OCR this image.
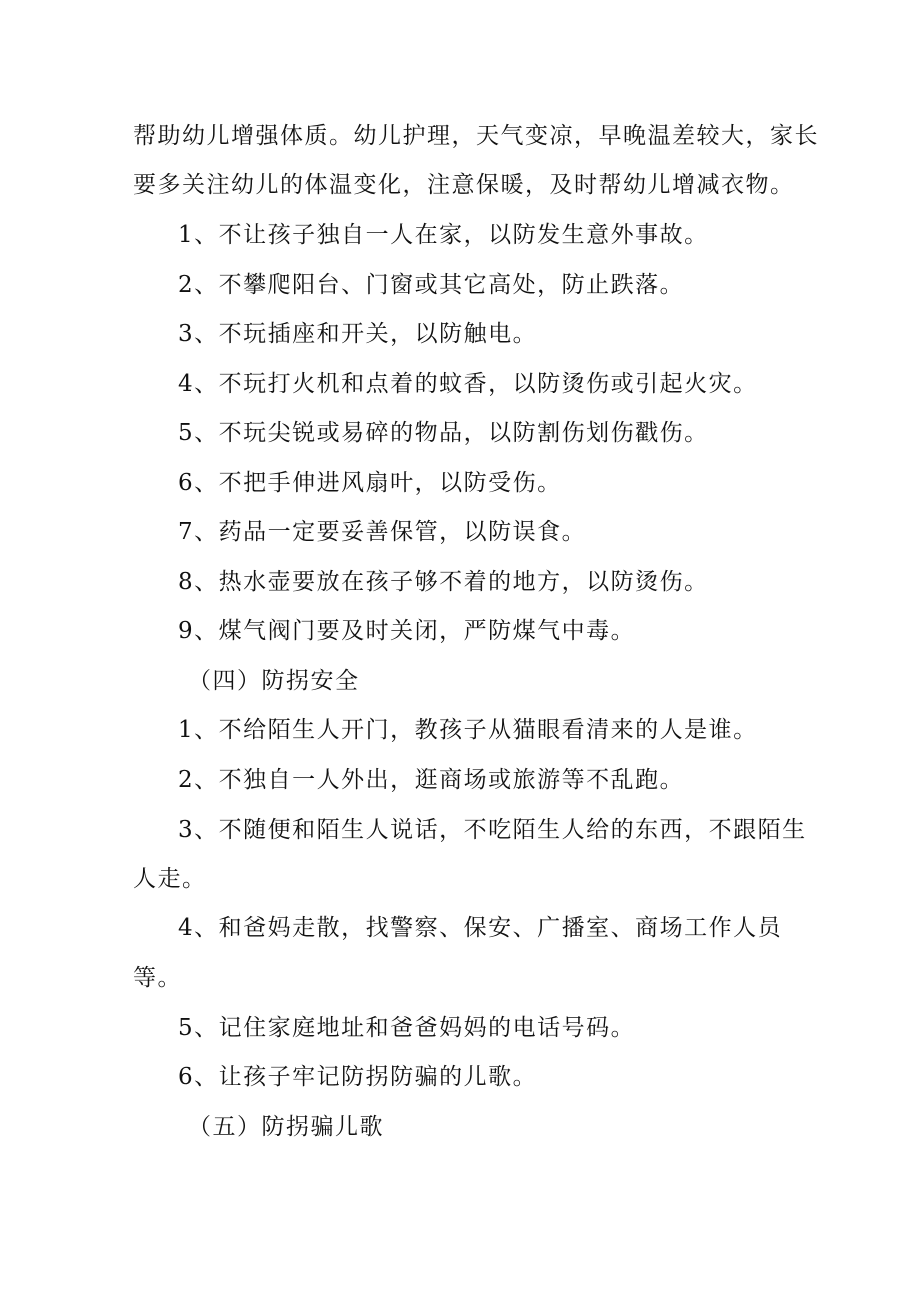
帮助幼儿增强体质。幼儿护理，天气变凉，早晚温差较大，家长
要多关注幼儿的体温变化，注意保暖，及时帮幼儿增减衣物。
1、不让孩子独自一人在家，以防发生意外事故。
2、不攀爬阳台、门窗或其它高处，防止跌落。
3、不玩插座和开关，以防触电。
4、不玩打火机和点着的蚊香，以防烫伤或引起火灾。
5、不玩尖锐或易碎的物品，以防割伤划伤戳伤。
6、不把手伸进风扇叶，以防受伤。
7、药品一定要妥善保管，以防误食。
8、热水壶要放在孩子够不着的地方，以防烫伤。
9、煤气阀门要及时关闭，严防煤气中毒。
（四）防拐安全
1、不给陌生人开门，教孩子从猫眼看清来的人是谁。
2、不独自一人外出，逛商场或旅游等不乱跑。
3、不随便和陌生人说话，不吃陌生人给的东西，不跟陌生
人走。
4、和爸妈走散，找警察、保安、广播室、商场工作人员
等。
5、记住家庭地址和爸爸妈妈的电话号码。
6、让孩子牢记防拐防骗的儿歌。
（五）防拐骗儿歌
